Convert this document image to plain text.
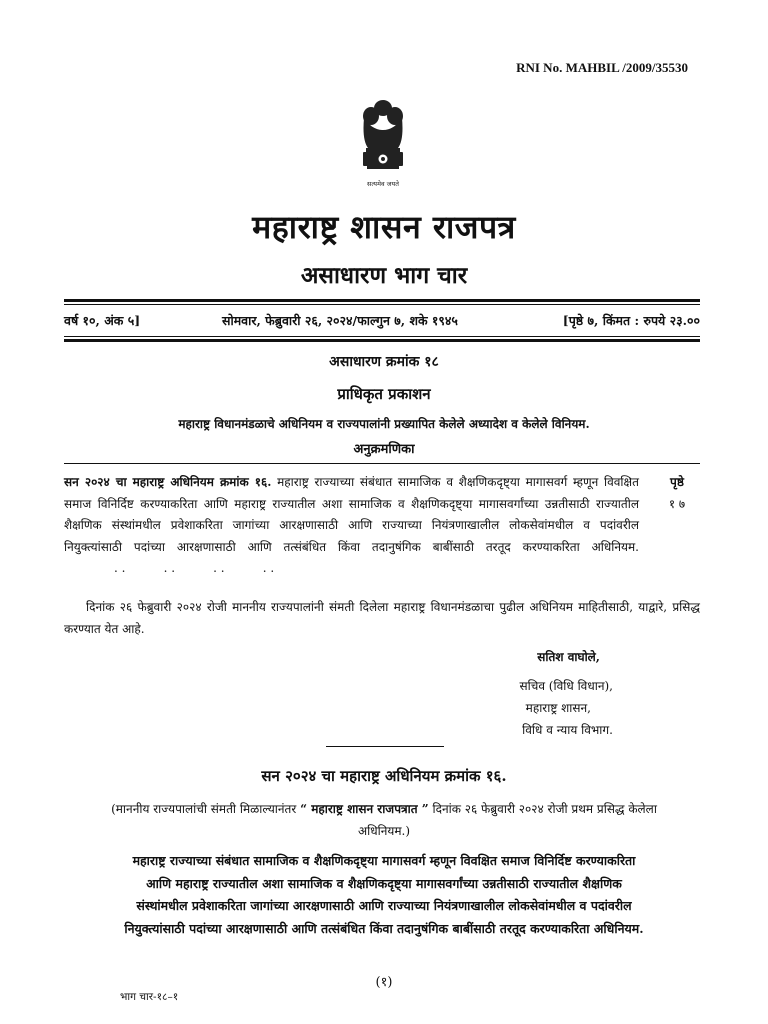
RNI No. MAHBIL /2009/35530
सत्यमेव जयते
महाराष्ट्र शासन राजपत्र
असाधारण भाग चार
वर्ष १०, अंक ५]	सोमवार, फेब्रुवारी २६, २०२४/फाल्गुन ७, शके १९४५	[पृष्ठे ७, किंमत : रुपये २३.००
असाधारण क्रमांक १८
प्राधिकृत प्रकाशन
महाराष्ट्र विधानमंडळाचे अधिनियम व राज्यपालांनी प्रख्यापित केलेले अध्यादेश व केलेले विनियम.
अनुक्रमणिका
सन २०२४ चा महाराष्ट्र अधिनियम क्रमांक १६. महाराष्ट्र राज्याच्या संबंधात सामाजिक व शैक्षणिकदृष्ट्या मागासवर्ग म्हणून विवक्षित समाज विनिर्दिष्ट करण्याकरिता आणि महाराष्ट्र राज्यातील अशा सामाजिक व शैक्षणिकदृष्ट्या मागासवर्गांच्या उन्नतीसाठी राज्यातील शैक्षणिक संस्थांमधील प्रवेशाकरिता जागांच्या आरक्षणासाठी आणि राज्याच्या नियंत्रणाखालील लोकसेवांमधील व पदांवरील नियुक्त्यांसाठी पदांच्या आरक्षणासाठी आणि तत्संबंधित किंवा तदानुषंगिक बाबींसाठी तरतूद करण्याकरिता अधिनियम. . .          . .          . .          . .
पृष्ठे
१ ७
दिनांक २६ फेब्रुवारी २०२४ रोजी माननीय राज्यपालांनी संमती दिलेला महाराष्ट्र विधानमंडळाचा पुढील अधिनियम माहितीसाठी, याद्वारे, प्रसिद्ध करण्यात येत आहे.
सतिश वाघोले,
सचिव (विधि विधान),
महाराष्ट्र शासन,
विधि व न्याय विभाग.
सन २०२४ चा महाराष्ट्र अधिनियम क्रमांक १६.
(माननीय राज्यपालांची संमती मिळाल्यानंतर “ महाराष्ट्र शासन राजपत्रात ” दिनांक २६ फेब्रुवारी २०२४ रोजी प्रथम प्रसिद्ध केलेला अधिनियम.)
महाराष्ट्र राज्याच्या संबंधात सामाजिक व शैक्षणिकदृष्ट्या मागासवर्ग म्हणून विवक्षित समाज विनिर्दिष्ट करण्याकरिता आणि महाराष्ट्र राज्यातील अशा सामाजिक व शैक्षणिकदृष्ट्या मागासवर्गांच्या उन्नतीसाठी राज्यातील शैक्षणिक संस्थांमधील प्रवेशाकरिता जागांच्या आरक्षणासाठी आणि राज्याच्या नियंत्रणाखालील लोकसेवांमधील व पदांवरील नियुक्त्यांसाठी पदांच्या आरक्षणासाठी आणि तत्संबंधित किंवा तदानुषंगिक बाबींसाठी तरतूद करण्याकरिता अधिनियम.
(१)
भाग चार-१८–१
